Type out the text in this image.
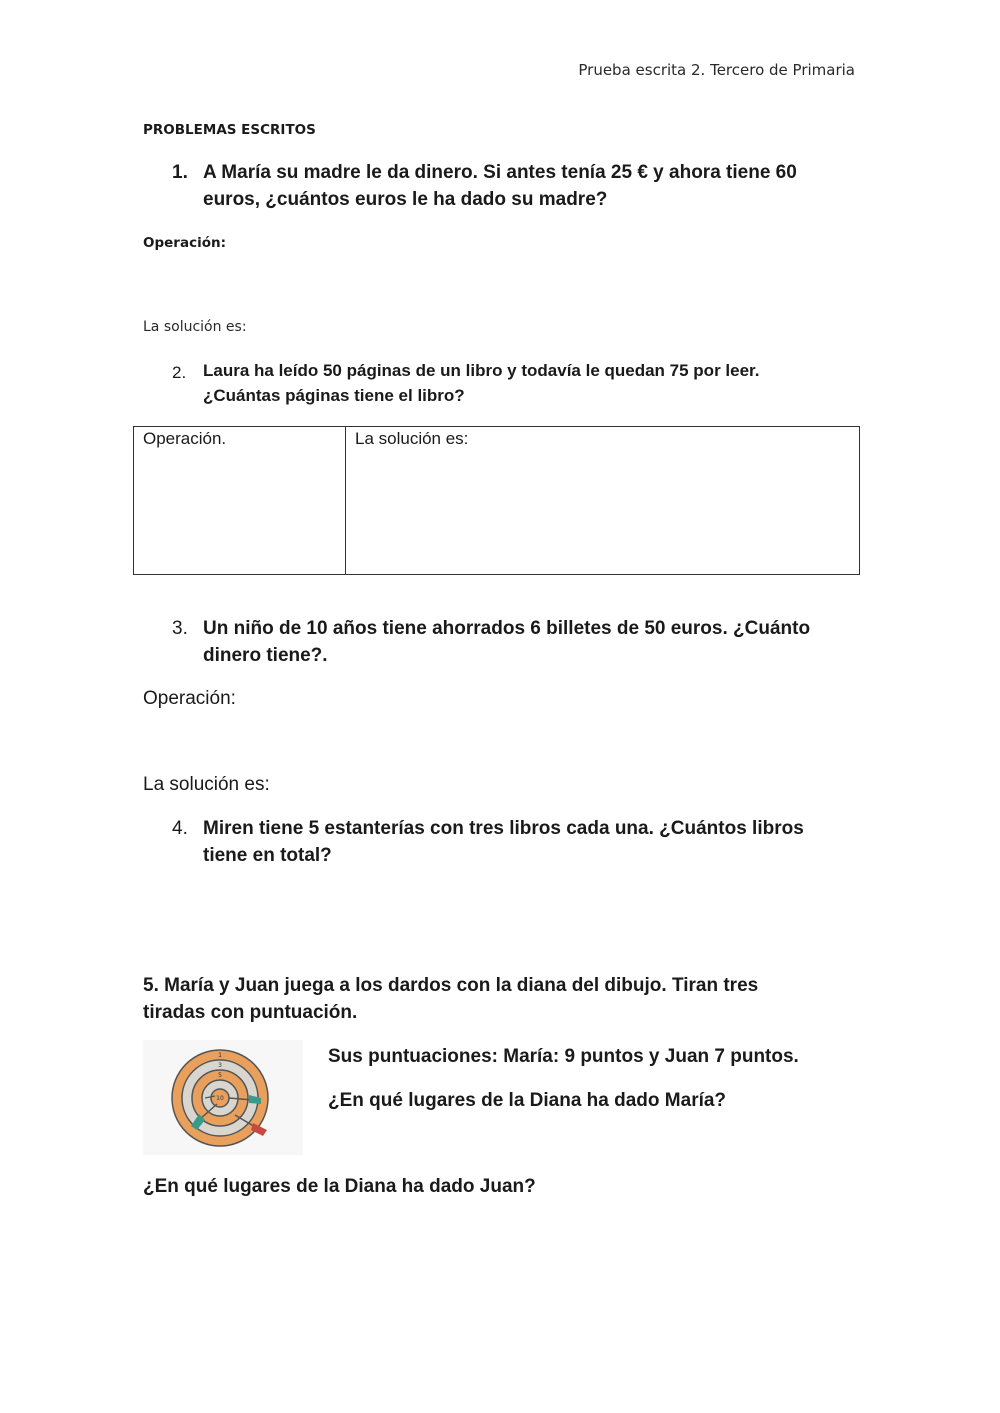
Prueba escrita 2. Tercero de Primaria
PROBLEMAS ESCRITOS
1. A María su madre le da dinero. Si antes tenía 25 € y ahora tiene 60
euros, ¿cuántos euros le ha dado su madre?
Operación:
La solución es:
2. Laura ha leído 50 páginas de un libro y todavía le quedan 75 por leer.
¿Cuántas páginas tiene el libro?
Operación.	La solución es:
3. Un niño de 10 años tiene ahorrados 6 billetes de 50 euros. ¿Cuánto
dinero tiene?.
Operación:
La solución es:
4. Miren tiene 5 estanterías con tres libros cada una. ¿Cuántos libros
tiene en total?
5. María y Juan juega a los dardos con la diana del dibujo. Tiran tres
tiradas con puntuación.
1
3
5
10
Sus puntuaciones: María: 9 puntos y Juan 7 puntos.
¿En qué lugares de la Diana ha dado María?
¿En qué lugares de la Diana ha dado Juan?
